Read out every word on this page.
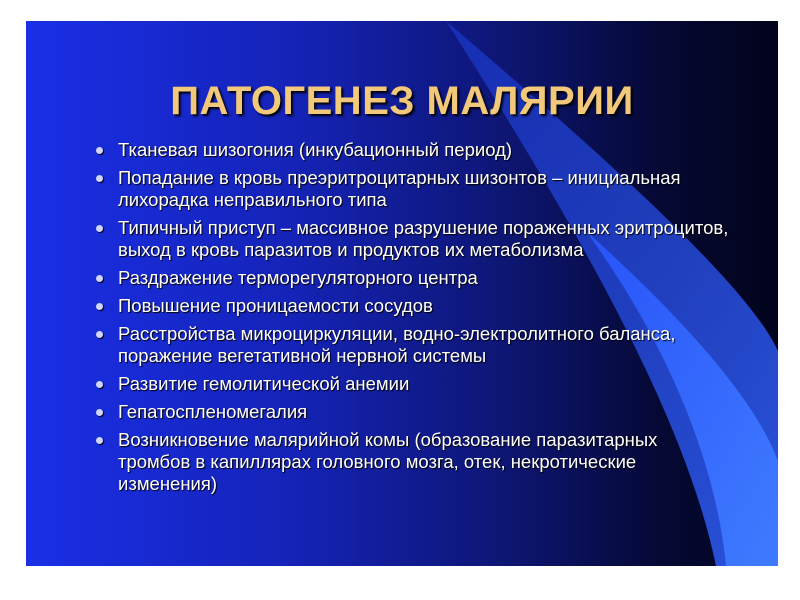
ПАТОГЕНЕЗ МАЛЯРИИ
Тканевая шизогония (инкубационный период)
Попадание в кровь преэритроцитарных шизонтов – инициальная лихорадка неправильного типа
Типичный приступ – массивное разрушение пораженных эритроцитов, выход в кровь паразитов и продуктов их метаболизма
Раздражение терморегуляторного центра
Повышение проницаемости сосудов
Расстройства микроциркуляции, водно-электролитного баланса, поражение вегетативной нервной системы
Развитие гемолитической анемии
Гепатоспленомегалия
Возникновение малярийной комы (образование паразитарных тромбов в капиллярах головного мозга, отек, некротические изменения)
